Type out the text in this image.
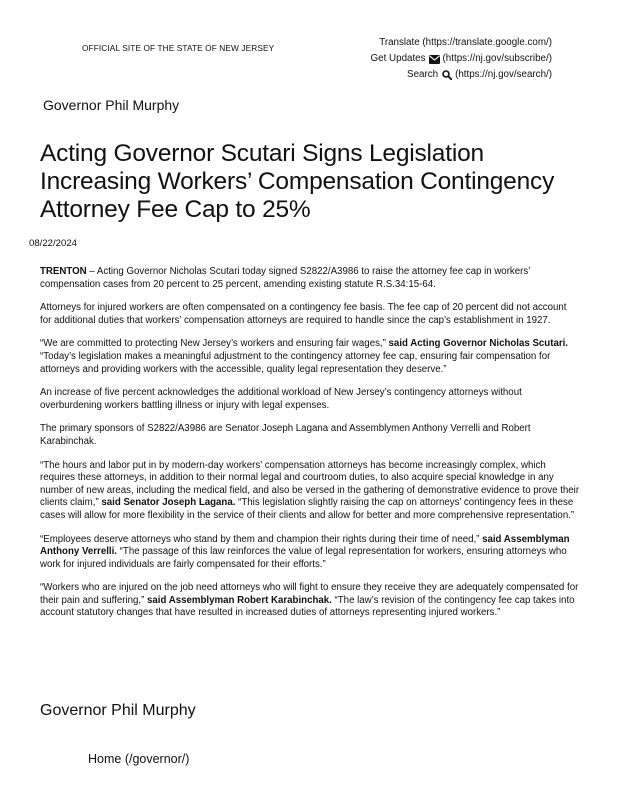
OFFICIAL SITE OF THE STATE OF NEW JERSEY	Translate (https://translate.google.com/)
Get Updates (https://nj.gov/subscribe/)
Search (https://nj.gov/search/)
Governor Phil Murphy
Acting Governor Scutari Signs Legislation Increasing Workers’ Compensation Contingency Attorney Fee Cap to 25%
08/22/2024

TRENTON – Acting Governor Nicholas Scutari today signed S2822/A3986 to raise the attorney fee cap in workers’ compensation cases from 20 percent to 25 percent, amending existing statute R.S.34:15-64.

Attorneys for injured workers are often compensated on a contingency fee basis. The fee cap of 20 percent did not account for additional duties that workers’ compensation attorneys are required to handle since the cap’s establishment in 1927.

“We are committed to protecting New Jersey’s workers and ensuring fair wages,” said Acting Governor Nicholas Scutari. “Today’s legislation makes a meaningful adjustment to the contingency attorney fee cap, ensuring fair compensation for attorneys and providing workers with the accessible, quality legal representation they deserve.”

An increase of five percent acknowledges the additional workload of New Jersey’s contingency attorneys without overburdening workers battling illness or injury with legal expenses.

The primary sponsors of S2822/A3986 are Senator Joseph Lagana and Assemblymen Anthony Verrelli and Robert Karabinchak.

“The hours and labor put in by modern-day workers’ compensation attorneys has become increasingly complex, which requires these attorneys, in addition to their normal legal and courtroom duties, to also acquire special knowledge in any number of new areas, including the medical field, and also be versed in the gathering of demonstrative evidence to prove their clients claim,” said Senator Joseph Lagana. “This legislation slightly raising the cap on attorneys’ contingency fees in these cases will allow for more flexibility in the service of their clients and allow for better and more comprehensive representation.”

“Employees deserve attorneys who stand by them and champion their rights during their time of need,” said Assemblyman Anthony Verrelli. “The passage of this law reinforces the value of legal representation for workers, ensuring attorneys who work for injured individuals are fairly compensated for their efforts.”

“Workers who are injured on the job need attorneys who will fight to ensure they receive they are adequately compensated for their pain and suffering,” said Assemblyman Robert Karabinchak. “The law’s revision of the contingency fee cap takes into account statutory changes that have resulted in increased duties of attorneys representing injured workers.”

Governor Phil Murphy
Home (/governor/)
